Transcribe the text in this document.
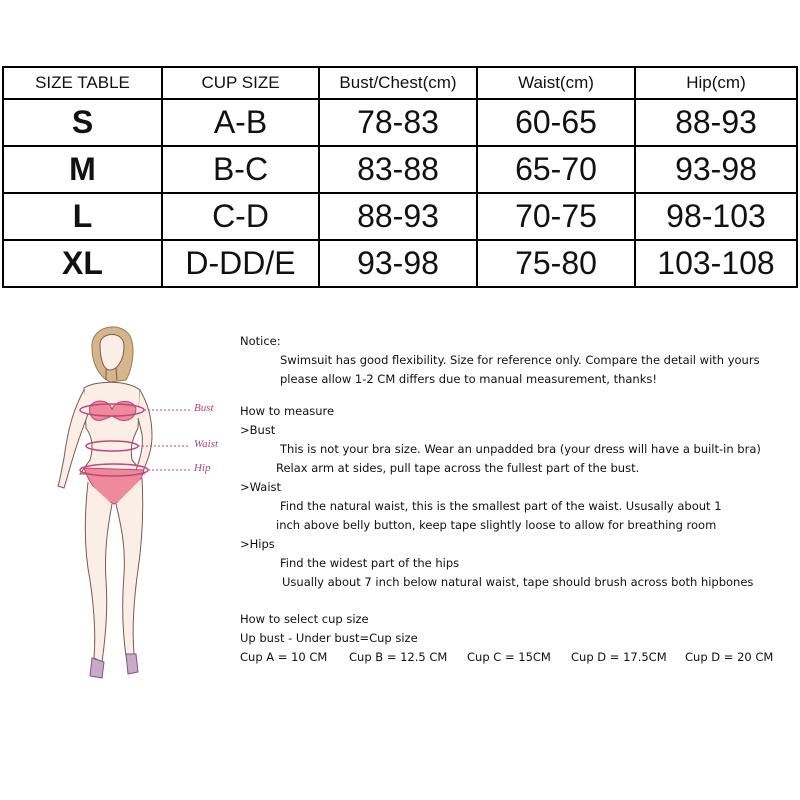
SIZE TABLE	CUP SIZE	Bust/Chest(cm)	Waist(cm)	Hip(cm)
S	A-B	78-83	60-65	88-93
M	B-C	83-88	65-70	93-98
L	C-D	88-93	70-75	98-103
XL	D-DD/E	93-98	75-80	103-108
Bust
Waist
Hip
Notice:
Swimsuit has good flexibility. Size for reference only. Compare the detail with yours
please allow 1-2 CM differs due to manual measurement, thanks!
How to measure
>Bust
This is not your bra size. Wear an unpadded bra (your dress will have a built-in bra)
Relax arm at sides, pull tape across the fullest part of the bust.
>Waist
Find the natural waist, this is the smallest part of the waist. Ususally about 1
inch above belly button, keep tape slightly loose to allow for breathing room
>Hips
Find the widest part of the hips
Usually about 7 inch below natural waist, tape should brush across both hipbones
How to select cup size
Up bust - Under bust=Cup size
Cup A = 10 CM	Cup B = 12.5 CM	Cup C = 15CM	Cup D = 17.5CM	Cup D = 20 CM
